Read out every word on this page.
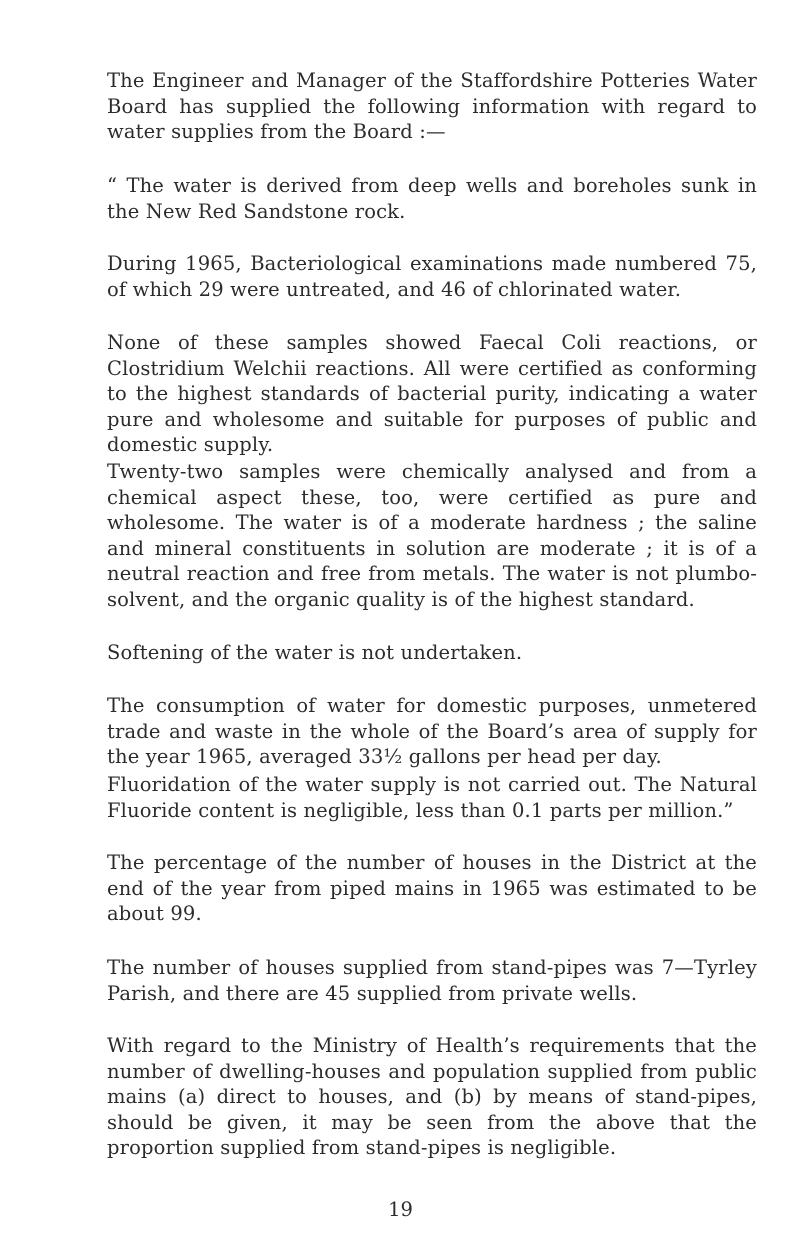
The Engineer and Manager of the Staffordshire Potteries Water Board has supplied the following information with regard to water supplies from the Board :—

“ The water is derived from deep wells and boreholes sunk in the New Red Sandstone rock.

During 1965, Bacteriological examinations made numbered 75, of which 29 were untreated, and 46 of chlorinated water.

None of these samples showed Faecal Coli reactions, or Clostridium Welchii reactions. All were certified as conforming to the highest standards of bacterial purity, indicating a water pure and wholesome and suitable for purposes of public and domestic supply.

Twenty-two samples were chemically analysed and from a chemical aspect these, too, were certified as pure and wholesome. The water is of a moderate hardness ; the saline and mineral constituents in solution are moderate ; it is of a neutral reaction and free from metals. The water is not plumbo-solvent, and the organic quality is of the highest standard.

Softening of the water is not undertaken.

The consumption of water for domestic purposes, unmetered trade and waste in the whole of the Board’s area of supply for the year 1965, averaged 33½ gallons per head per day.

Fluoridation of the water supply is not carried out. The Natural Fluoride content is negligible, less than 0.1 parts per million.”

The percentage of the number of houses in the District at the end of the year from piped mains in 1965 was estimated to be about 99.

The number of houses supplied from stand-pipes was 7—Tyrley Parish, and there are 45 supplied from private wells.

With regard to the Ministry of Health’s requirements that the number of dwelling-houses and population supplied from public mains (a) direct to houses, and (b) by means of stand-pipes, should be given, it may be seen from the above that the proportion supplied from stand-pipes is negligible.

19
